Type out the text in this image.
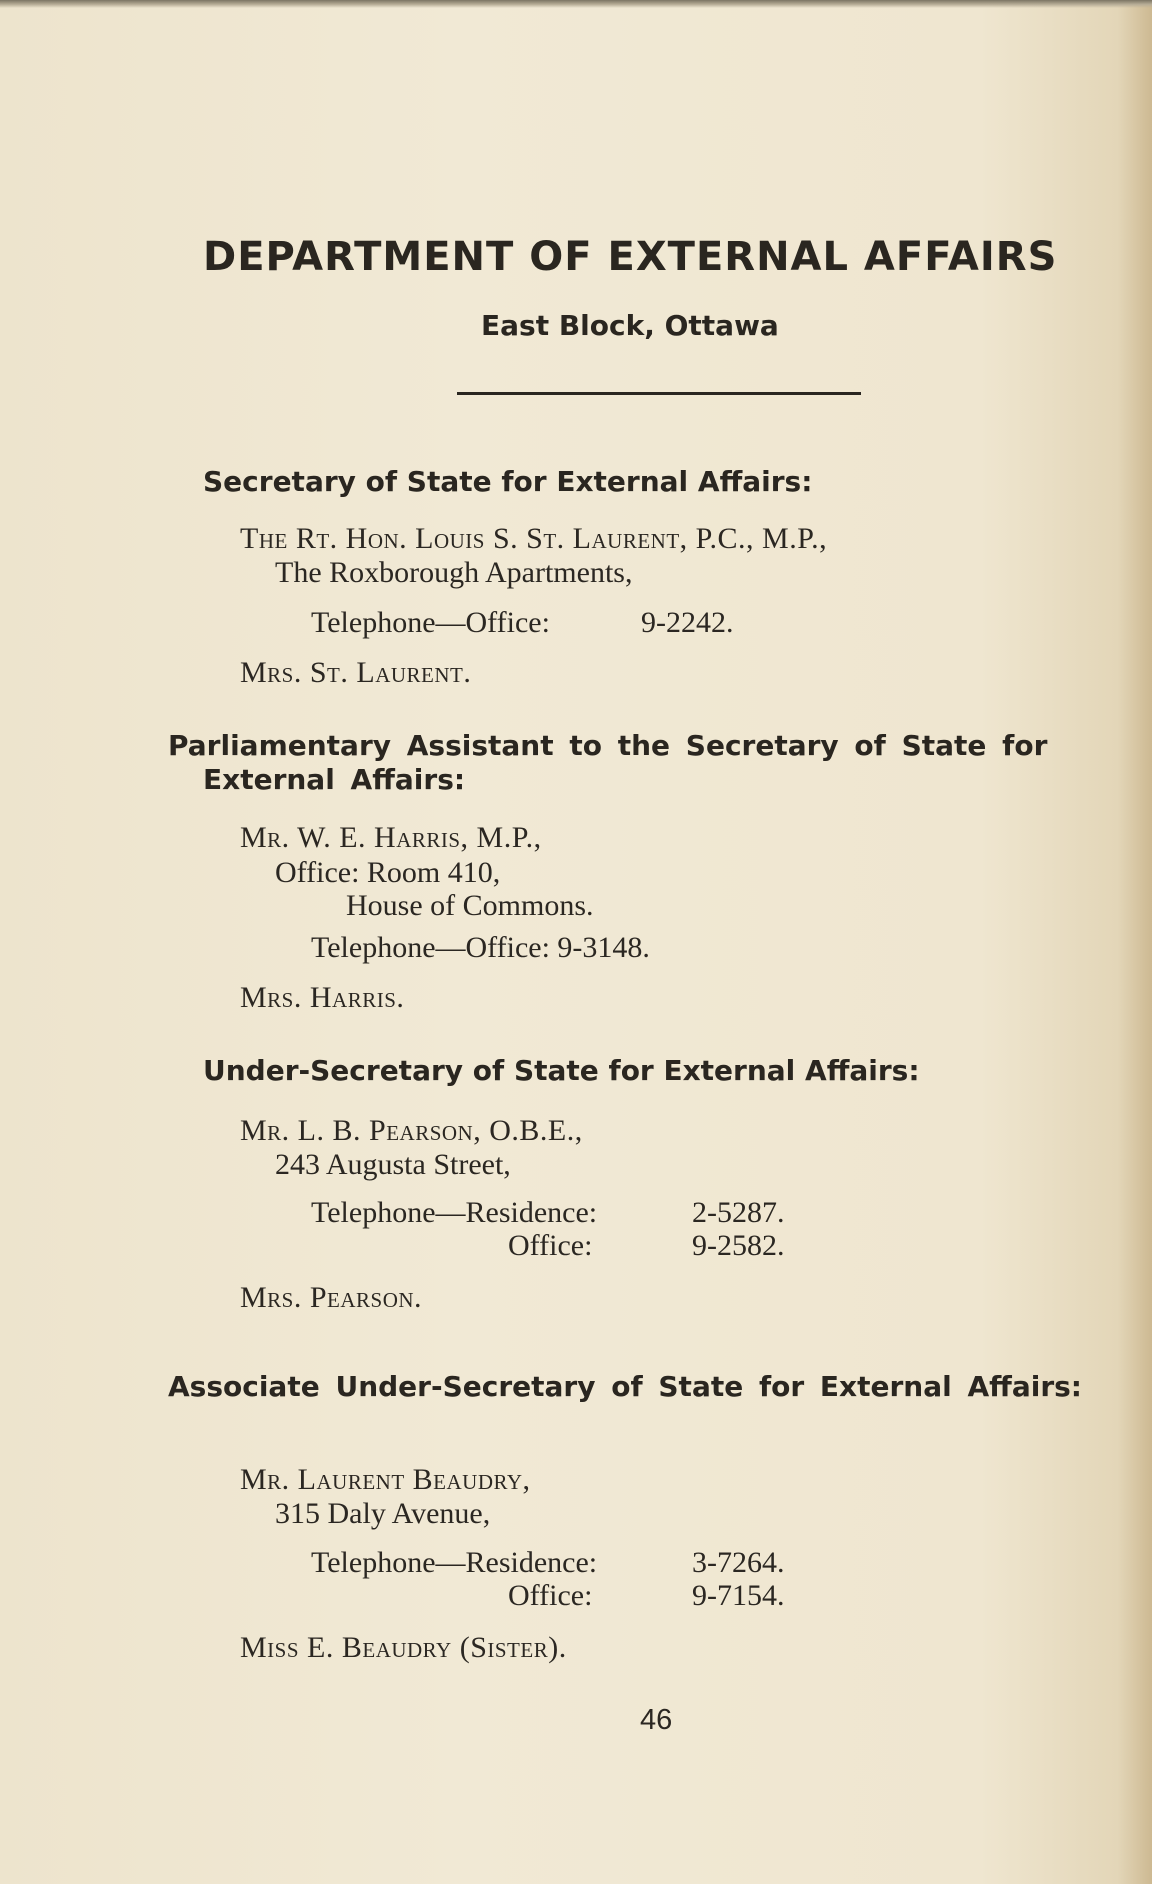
DEPARTMENT OF EXTERNAL AFFAIRS
East Block, Ottawa
Secretary of State for External Affairs:
The Rt. Hon. Louis S. St. Laurent, P.C., M.P.,
The Roxborough Apartments,
Telephone—Office:	9-2242.
Mrs. St. Laurent.
Parliamentary Assistant to the Secretary of State for External Affairs:
Mr. W. E. Harris, M.P.,
Office: Room 410,
House of Commons.
Telephone—Office: 9-3148.
Mrs. Harris.
Under-Secretary of State for External Affairs:
Mr. L. B. Pearson, O.B.E.,
243 Augusta Street,
Telephone—Residence:	2-5287.
Office:	9-2582.
Mrs. Pearson.
Associate Under-Secretary of State for External Affairs:
Mr. Laurent Beaudry,
315 Daly Avenue,
Telephone—Residence:	3-7264.
Office:	9-7154.
Miss E. Beaudry (Sister).
46
